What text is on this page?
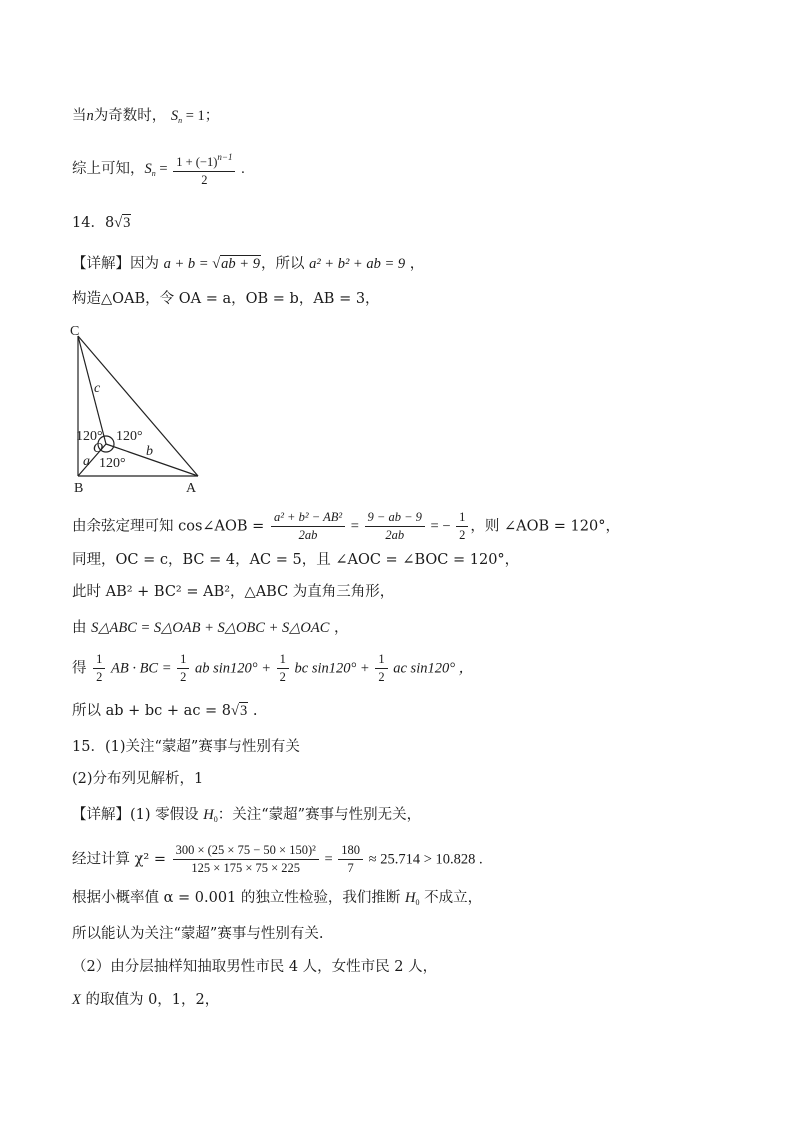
当n为奇数时， $S_n = 1$；
综上可知，$S_n = \frac{1 + (-1)^{n-1}}{2}$ .
14．8√3
【详解】因为 a + b = √ab + 9，所以 a² + b² + ab = 9 ，
构造△OAB，令 OA = a，OB = b，AB = 3，
C
B	A
O
c
a
b
120° 120°
120°
由余弦定理可知 cos∠AOB = $\frac{\text{a² + b² − AB²}}{2ab} = \frac{9 - ab - 9}{2ab}$ = − $\frac{1}{2}$ ，则 ∠AOB = 120°，
同理，OC = c，BC = 4，AC = 5，且 ∠AOC = ∠BOC = 120°，
此时 AB² + BC² = AB²，△ABC 为直角三角形，
由 S△ABC = S△OAB + S△OBC + S△OAC ，
得 $\frac{1}{2}$ AB · BC = $\frac{1}{2}$ ab $\sin 120^\circ + \frac{1}{2}$ bc $\sin 120^\circ + \frac{1}{2}$ ac sin120° ，
所以 ab + bc + ac = 8√3 .
15．(1)关注“蒙超”赛事与性别有关
(2)分布列见解析，1
【详解】(1) 零假设 $H_0$：关注“蒙超”赛事与性别无关，
经过计算 $\chi^2 = \frac{\text{300 × (25 × 75 − 50 × 150)²}}{125 \times 175 \times 75 \times 225} = \frac{180}{7} \approx 25.714 > 10.828$ .
根据小概率值 α = 0.001 的独立性检验，我们推断 $H_0$ 不成立，
所以能认为关注“蒙超”赛事与性别有关.
（2）由分层抽样知抽取男性市民 4 人，女性市民 2 人，
X 的取值为 0，1，2，
